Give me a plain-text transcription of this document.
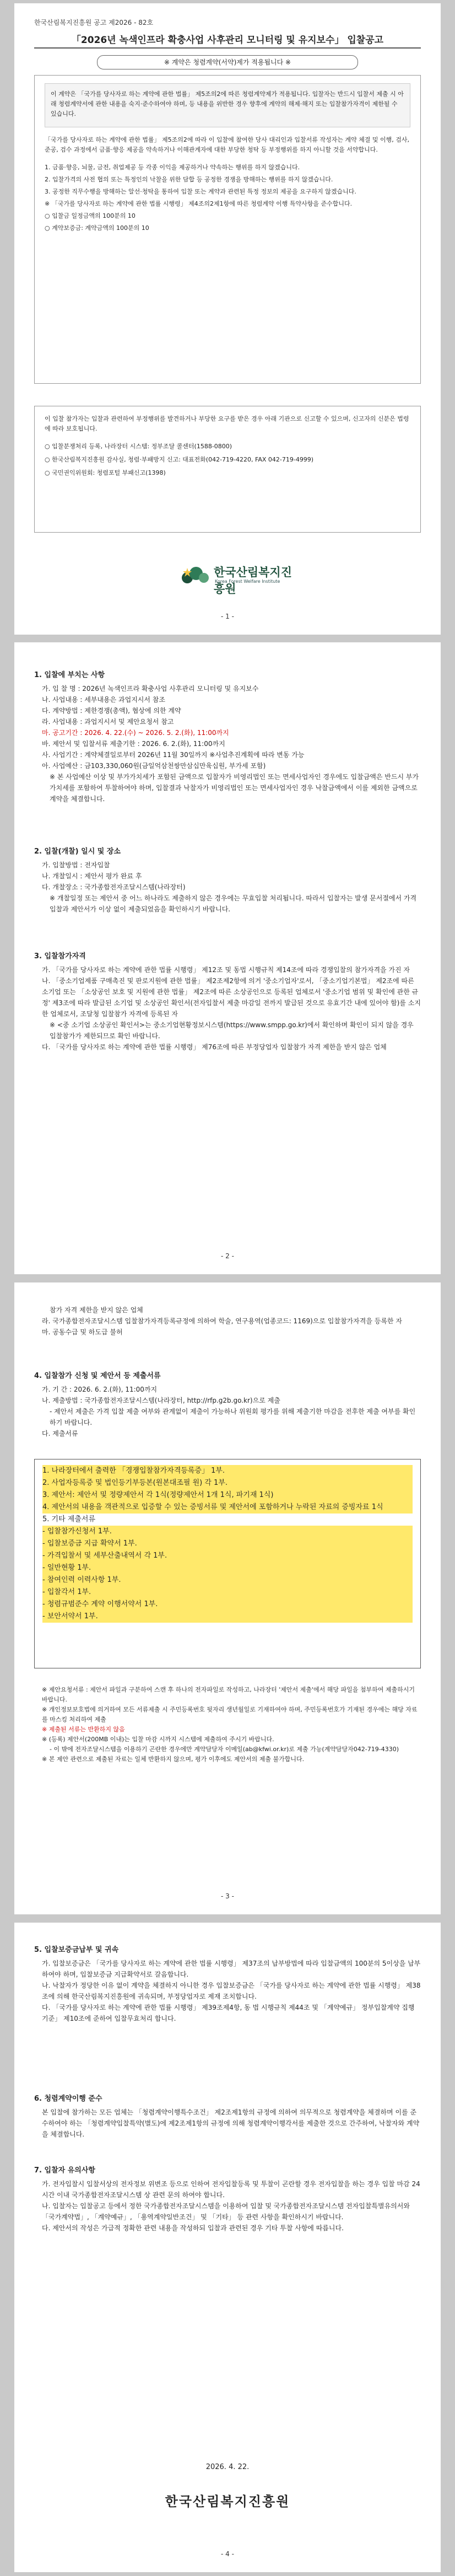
한국산림복지진흥원 공고 제2026 - 82호
「2026년 녹색인프라 확충사업 사후관리 모니터링 및 유지보수」 입찰공고
※ 계약은 청렴계약(서약)제가 적용됩니다 ※

이 계약은 「국가를 당사자로 하는 계약에 관한 법률」 제5조의2에 따른 청렴계약제가 적용됩니다. 입찰자는 반드시 입찰서 제출 시 아래 청렴계약서에 관한 내용을 숙지·준수하여야 하며, 등 내용을 위반한 경우 향후에 계약의 해제·해지 또는 입찰참가자격이 제한될 수 있습니다.

「국가를 당사자로 하는 계약에 관한 법률」 제5조의2에 따라 이 입찰에 참여한 당사 대리인과 입찰서류 작성자는 계약 체결 및 이행, 검사, 준공, 검수 과정에서 금품·향응 제공을 약속하거나 이해관계자에 대한 부당한 청탁 등 부정행위를 하지 아니할 것을 서약합니다.

1. 금품·향응, 뇌물, 금전, 취업제공 등 각종 이익을 제공하거나 약속하는 행위를 하지 않겠습니다.

2. 입찰가격의 사전 협의 또는 특정인의 낙찰을 위한 담합 등 공정한 경쟁을 방해하는 행위를 하지 않겠습니다.

3. 공정한 직무수행을 방해하는 알선·청탁을 통하여 입찰 또는 계약과 관련된 특정 정보의 제공을 요구하지 않겠습니다.

※ 「국가를 당사자로 하는 계약에 관한 법률 시행령」 제4조의2제1항에 따른 청렴계약 이행 특약사항을 준수합니다.

○ 입찰금 일정금액의 100분의 10

○ 계약보증금: 계약금액의 100분의 10

이 입찰 참가자는 입찰과 관련하여 부정행위를 발견하거나 부당한 요구를 받은 경우 아래 기관으로 신고할 수 있으며, 신고자의 신분은 법령에 따라 보호됩니다.

○ 입찰분쟁처리 등록, 나라장터 시스템: 정부조달 콜센터(1588-0800)
○ 한국산림복지진흥원 감사실, 청렴·부패방지 신고: 대표전화(042-719-4220, FAX 042-719-4999)
○ 국민권익위원회: 청렴포털 부패신고(1398)
한국산림복지진흥원
Korea Forest Welfare Institute
- 1 -
1. 입찰에 부치는 사항
가. 입 찰 명 : 2026년 녹색인프라 확충사업 사후관리 모니터링 및 유지보수
나. 사업내용 : 세부내용은 과업지시서 참조
다. 계약방법 : 제한경쟁(총액), 협상에 의한 계약
라. 사업내용 : 과업지시서 및 제안요청서 참고
마. 공고기간 : 2026. 4. 22.(수) ~ 2026. 5. 2.(화), 11:00까지
바. 제안서 및 입찰서류 제출기한 : 2026. 6. 2.(화), 11:00까지
사. 사업기간 : 계약체결일로부터 2026년 11월 30일까지 ※사업추진계획에 따라 변동 가능
아. 사업예산 : 금103,330,060원(금일억삼천쌍만삼십만육십원, 부가세 포함)
※ 본 사업예산 이상 및 부가가치세가 포함된 금액으로 입찰자가 비영리법인 또는 면세사업자인 경우에도 입찰금액은 반드시 부가가치세를 포함하여 투찰하여야 하며, 입찰결과 낙찰자가 비영리법인 또는 면세사업자인 경우 낙찰금액에서 이를 제외한 금액으로 계약을 체결합니다.
2. 입찰(개찰) 일시 및 장소
가. 입찰방법 : 전자입찰
나. 개찰일시 : 제안서 평가 완료 후
다. 개찰장소 : 국가종합전자조달시스템(나라장터)
※ 개찰일정 또는 제안서 중 어느 하나라도 제출하지 않은 경우에는 무효입찰 처리됩니다. 따라서 입찰자는 발생 문서절에서 가격입찰과 제안서가 이상 없이 제출되었음을 확인하시기 바랍니다.
3. 입찰참가자격
가. 「국가를 당사자로 하는 계약에 관한 법률 시행령」 제12조 및 동법 시행규칙 제14조에 따라 경쟁입찰의 참가자격을 가진 자
나. 「중소기업제품 구매촉진 및 판로지원에 관한 법률」 제2조제2항에 의거 '중소기업자'로서, 「중소기업기본법」 제2조에 따른 소기업 또는 「소상공인 보호 및 지원에 관한 법률」 제2조에 따른 소상공인으로 등록된 업체로서 '중소기업 범위 및 확인에 관한 규정' 제3조에 따라 발급된 소기업 및 소상공인 확인서(전자입찰서 제출 마감일 전까지 발급된 것으로 유효기간 내에 있어야 함)를 소지한 업체로서, 조달청 입찰참가 자격에 등록된 자
※ <중 소기업 소상공인 확인서>는 중소기업현황정보시스템(https://www.smpp.go.kr)에서 확인하며 확인이 되지 않을 경우 입찰참가가 제한되므로 확인 바랍니다.
다. 「국가를 당사자로 하는 계약에 관한 법률 시행령」 제76조에 따른 부정당업자 입찰참가 자격 제한을 받지 않은 업체
- 2 -
참가 자격 제한을 받지 않은 업체
라. 국가종합전자조달시스템 입찰참가자격등록규정에 의하여 학술, 연구용역(업종코드: 1169)으로 입찰참가자격을 등록한 자
마. 공동수급 및 하도급 불허
4. 입찰참가 신청 및 제안서 등 제출서류
가. 기 간 : 2026. 6. 2.(화), 11:00까지
나. 제출방법 : 국가종합전자조달시스템(나라장터, http://rfp.g2b.go.kr)으로 제출
- 제안서 제출은 가격 입찰 제출 여부와 관계없이 제출이 가능하나 위원회 평가를 위해 제출기한 마감을 전후한 제출 여부를 확인하기 바랍니다.
다. 제출서류
1. 나라장터에서 출력한 「경쟁입찰참가자격등록증」 1부.
2. 사업자등록증 및 법인등기부등본(원본대조필 원) 각 1부.
3. 제안서: 제안서 및 정량제안서 각 1식(정량제안서 1개 1식, 파기재 1식)
4. 제안서의 내용을 객관적으로 입증할 수 있는 증빙서류 및 제안서에 포함하거나 누락된 자료의 증빙자료 1식
5. 기타 제출서류
- 입찰참가신청서 1부.
- 입찰보증금 지급 확약서 1부.
- 가격입찰서 및 세부산출내역서 각 1부.
- 일반현황 1부.
- 참여인력 이력사항 1부.
- 입찰각서 1부.
- 청렴규범준수 계약 이행서약서 1부.
- 보안서약서 1부.
※ 제안요청서류 : 제안서 파일과 구분하여 스캔 후 하나의 전자파일로 작성하고, 나라장터 '제안서 제출'에서 해당 파일을 첨부하여 제출하시기 바랍니다.
※ 개인정보보호법에 의거하여 모든 서류제출 시 주민등록번호 뒷자리 생년월일로 기재하여야 하며, 주민등록번호가 기재된 경우에는 해당 자료를 마스킹 처리하여 제출
※ 제출된 서류는 반환하지 않음
※ (등록) 제안서(200MB 이내)는 입찰 마감 시까지 시스템에 제출하여 주시기 바랍니다.
- 이 밖에 전자조달시스템을 이용하기 곤란한 경우에만 계약담당자 이메일(ab@kfwi.or.kr)로 제출 가능(계약담당자042-719-4330)
※ 본 제안 관련으로 제출된 자료는 일체 반환하지 않으며, 평가 이후에도 제안서의 제출 불가합니다.
- 3 -
5. 입찰보증금납부 및 귀속
가. 입찰보증금은 「국가를 당사자로 하는 계약에 관한 법률 시행령」 제37조의 납부방법에 따라 입찰금액의 100분의 5이상을 납부하여야 하며, 입찰보증금 지급확약서로 갈음합니다.
나. 낙찰자가 정당한 이유 없이 계약을 체결하지 아니한 경우 입찰보증금은 「국가를 당사자로 하는 계약에 관한 법률 시행령」 제38조에 의해 한국산림복지진흥원에 귀속되며, 부정당업자로 제재 조치합니다.
다. 「국가를 당사자로 하는 계약에 관한 법률 시행령」 제39조제4항, 동 법 시행규칙 제44조 및 「계약예규」 정부입찰계약 집행기준」 제10조에 준하여 입찰무효처리 합니다.
6. 청렴계약이행 준수
본 입찰에 참가하는 모든 업체는 「청렴계약이행특수조건」 제2조제1항의 규정에 의하여 의무적으로 청렴계약을 체결하며 이를 준수하여야 하는 「청렴계약입찰특약(별도)에 제2조제1항의 규정에 의해 청렴계약이행각서를 제출한 것으로 간주하여, 낙찰자와 계약을 체결합니다.
7. 입찰자 유의사항
가. 전자입찰시 입찰서상의 전자정보 위변조 등으로 인하여 전자입찰등록 및 투찰이 곤란할 경우 전자입찰을 하는 경우 입찰 마감 24시간 이내 국가종합전자조달시스템 상 관련 문의 하여야 합니다.
나. 입찰자는 입찰공고 등에서 정한 국가종합전자조달시스템을 이용하여 입찰 및 국가종합전자조달시스템 전자입찰특별유의서와 「국가계약법」, 「계약예규」, 「용역계약일반조건」 및 「기타」 등 관련 사항을 확인하시기 바랍니다.
다. 제안서의 작성은 가급적 정확한 관련 내용을 작성하되 입찰과 관련된 경우 기타 투찰 사항에 따릅니다.
2026. 4. 22.
한국산림복지진흥원
- 4 -
